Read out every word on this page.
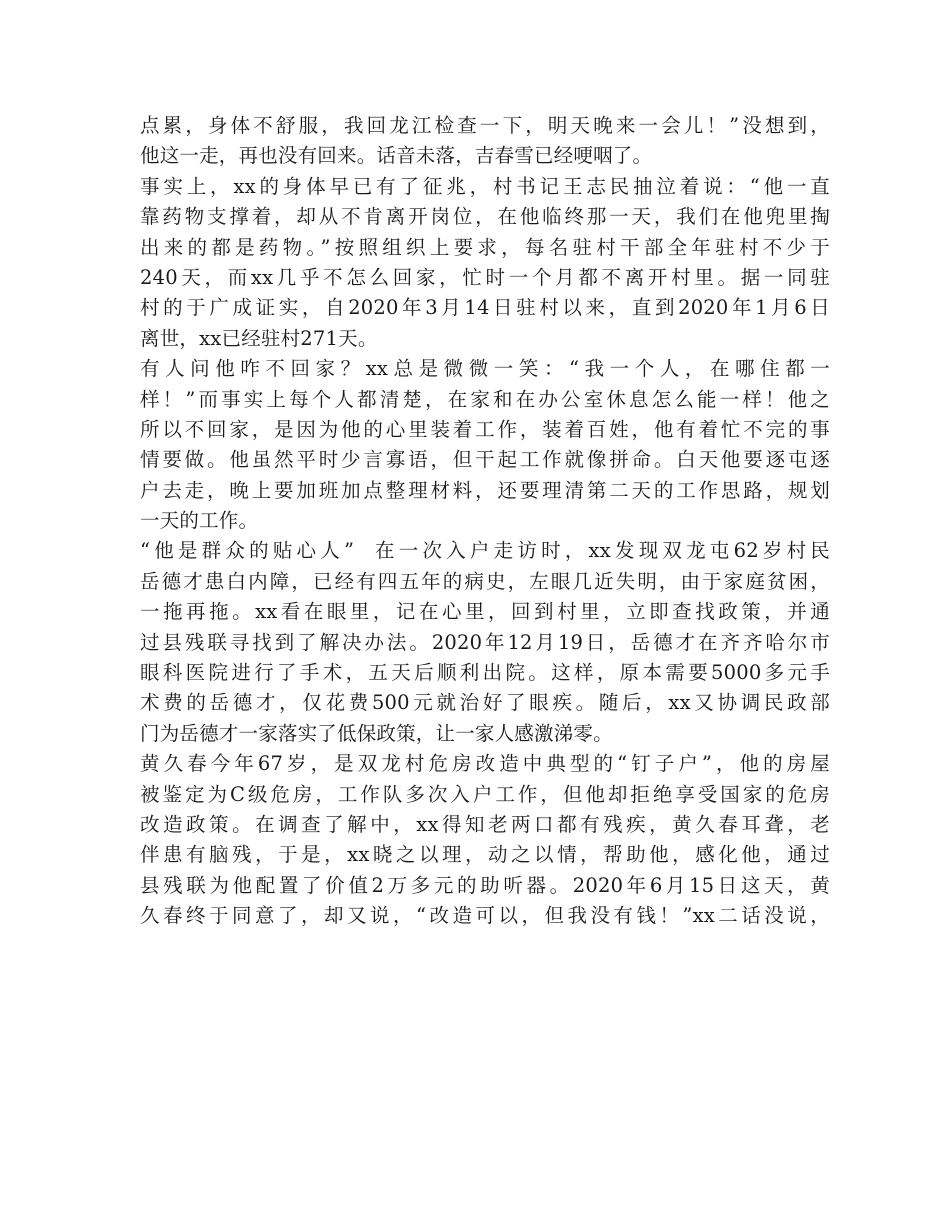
点累，身体不舒服，我回龙江检查一下，明天晚来一会儿！”没想到，
他这一走，再也没有回来。话音未落，吉春雪已经哽咽了。
事实上，xx的身体早已有了征兆，村书记王志民抽泣着说：“他一直
靠药物支撑着，却从不肯离开岗位，在他临终那一天，我们在他兜里掏
出来的都是药物。”按照组织上要求，每名驻村干部全年驻村不少于
240天，而xx几乎不怎么回家，忙时一个月都不离开村里。据一同驻
村的于广成证实，自2020年3月14日驻村以来，直到2020年1月6日
离世，xx已经驻村271天。
有人问他咋不回家？xx总是微微一笑：“我一个人，在哪住都一
样！”而事实上每个人都清楚，在家和在办公室休息怎么能一样！他之
所以不回家，是因为他的心里装着工作，装着百姓，他有着忙不完的事
情要做。他虽然平时少言寡语，但干起工作就像拼命。白天他要逐屯逐
户去走，晚上要加班加点整理材料，还要理清第二天的工作思路，规划
一天的工作。
“他是群众的贴心人”  在一次入户走访时，xx发现双龙屯62岁村民
岳德才患白内障，已经有四五年的病史，左眼几近失明，由于家庭贫困，
一拖再拖。xx看在眼里，记在心里，回到村里，立即查找政策，并通
过县残联寻找到了解决办法。2020年12月19日，岳德才在齐齐哈尔市
眼科医院进行了手术，五天后顺利出院。这样，原本需要5000多元手
术费的岳德才，仅花费500元就治好了眼疾。随后，xx又协调民政部
门为岳德才一家落实了低保政策，让一家人感激涕零。
黄久春今年67岁，是双龙村危房改造中典型的“钉子户”，他的房屋
被鉴定为C级危房，工作队多次入户工作，但他却拒绝享受国家的危房
改造政策。在调查了解中，xx得知老两口都有残疾，黄久春耳聋，老
伴患有脑残，于是，xx晓之以理，动之以情，帮助他，感化他，通过
县残联为他配置了价值2万多元的助听器。2020年6月15日这天，黄
久春终于同意了，却又说，“改造可以，但我没有钱！”xx二话没说，
